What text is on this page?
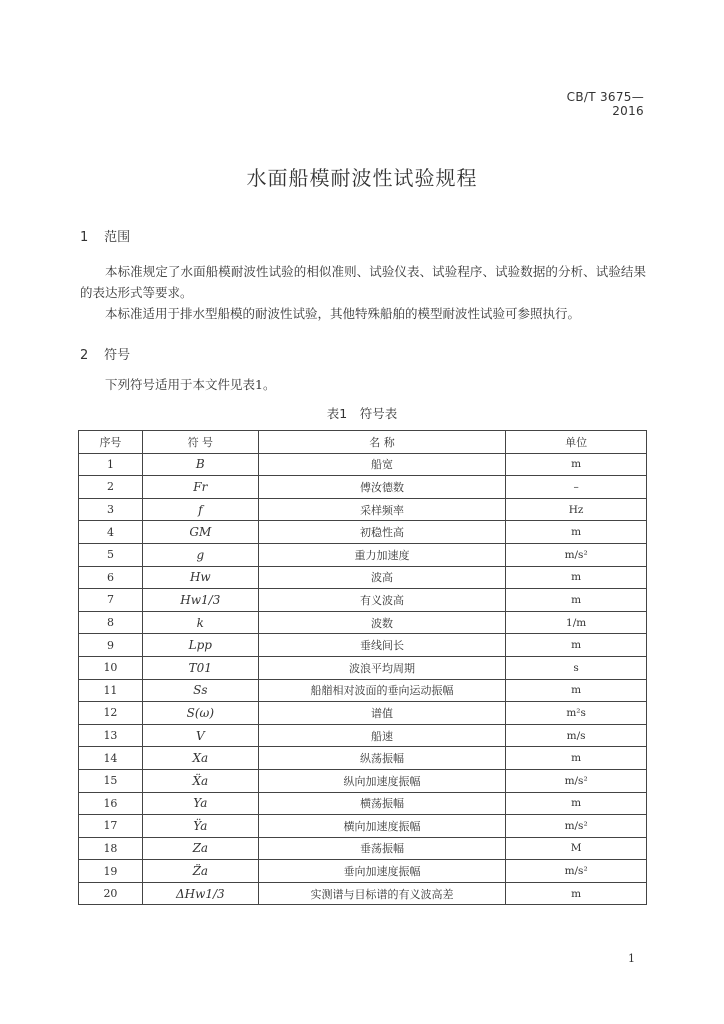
CB/T 3675—2016
水面船模耐波性试验规程
1 范围

本标准规定了水面船模耐波性试验的相似准则、试验仪表、试验程序、试验数据的分析、试验结果的表达形式等要求。

本标准适用于排水型船模的耐波性试验，其他特殊船舶的模型耐波性试验可参照执行。

2 符号

下列符号适用于本文件见表1。

表1　符号表
序号	符 号	名 称	单位
1	B	船宽	m
2	Fr	傅汝德数	–
3	f	采样频率	Hz
4	GM	初稳性高	m
5	g	重力加速度	m/s²
6	Hw	波高	m
7	Hw1/3	有义波高	m
8	k	波数	1/m
9	Lpp	垂线间长	m
10	T01	波浪平均周期	s
11	Ss	船艏相对波面的垂向运动振幅	m
12	S(ω)	谱值	m²s
13	V	船速	m/s
14	Xa	纵荡振幅	m
15	Ẍa	纵向加速度振幅	m/s²
16	Ya	横荡振幅	m
17	Ÿa	横向加速度振幅	m/s²
18	Za	垂荡振幅	M
19	Z̈a	垂向加速度振幅	m/s²
20	ΔHw1/3	实测谱与目标谱的有义波高差	m
1
